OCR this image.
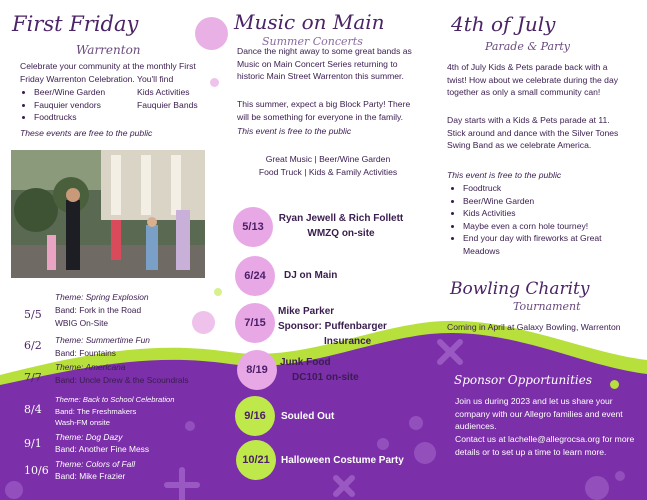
First Friday
Warrenton
Celebrate your community at the monthly First Friday Warrenton Celebration. You'll find
• Beer/Wine Garden
• Fauquier vendors
• Foodtrucks
Kids Activities
Fauquier Bands
These events are free to the public
5/5
Theme: Spring Explosion
Band: Fork in the Road
WBIG On-Site
6/2 Theme: Summertime Fun
Band: Fountains
7/7
Theme: Americana
Band: Uncle Drew & the Scoundrals
8/4
Theme: Back to School Celebration
Band: The Freshmakers
Wash-FM onsite
9/1 Theme: Dog Dazy
Band: Another Fine Mess
10/6 Theme: Colors of Fall
Band: Mike Frazier
Music on Main
Summer Concerts
Dance the night away to some great bands as Music on Main Concert Series returning to historic Main Street Warrenton this summer.
This summer, expect a big Block Party! There will be something for everyone in the family.
This event is free to the public
Great Music | Beer/Wine Garden
Food Truck | Kids & Family Activities
5/13
Ryan Jewell & Rich Follett
WMZQ on-site
6/24	DJ on Main
7/15
Mike Parker
Sponsor: Puffenbarger
Insurance
8/19
Junk Food
DC101 on-site
9/16	Souled Out
10/21	Halloween Costume Party
4th of July
Parade & Party
4th of July Kids & Pets parade back with a twist! How about we celebrate during the day together as only a small community can!
Day starts with a Kids & Pets parade at 11. Stick around and dance with the Silver Tones Swing Band as we celebrate America.
This event is free to the public
• Foodtruck
• Beer/Wine Garden
• Kids Activities
• Maybe even a corn hole tourney!
• End your day with fireworks at Great Meadows
Bowling Charity
Tournament
Coming in April at Galaxy Bowling, Warrenton
Sponsor Opportunities
Join us during 2023 and let us share your company with our Allegro families and event audiences.
Contact us at lachelle@allegrocsa.org for more details or to set up a time to learn more.
